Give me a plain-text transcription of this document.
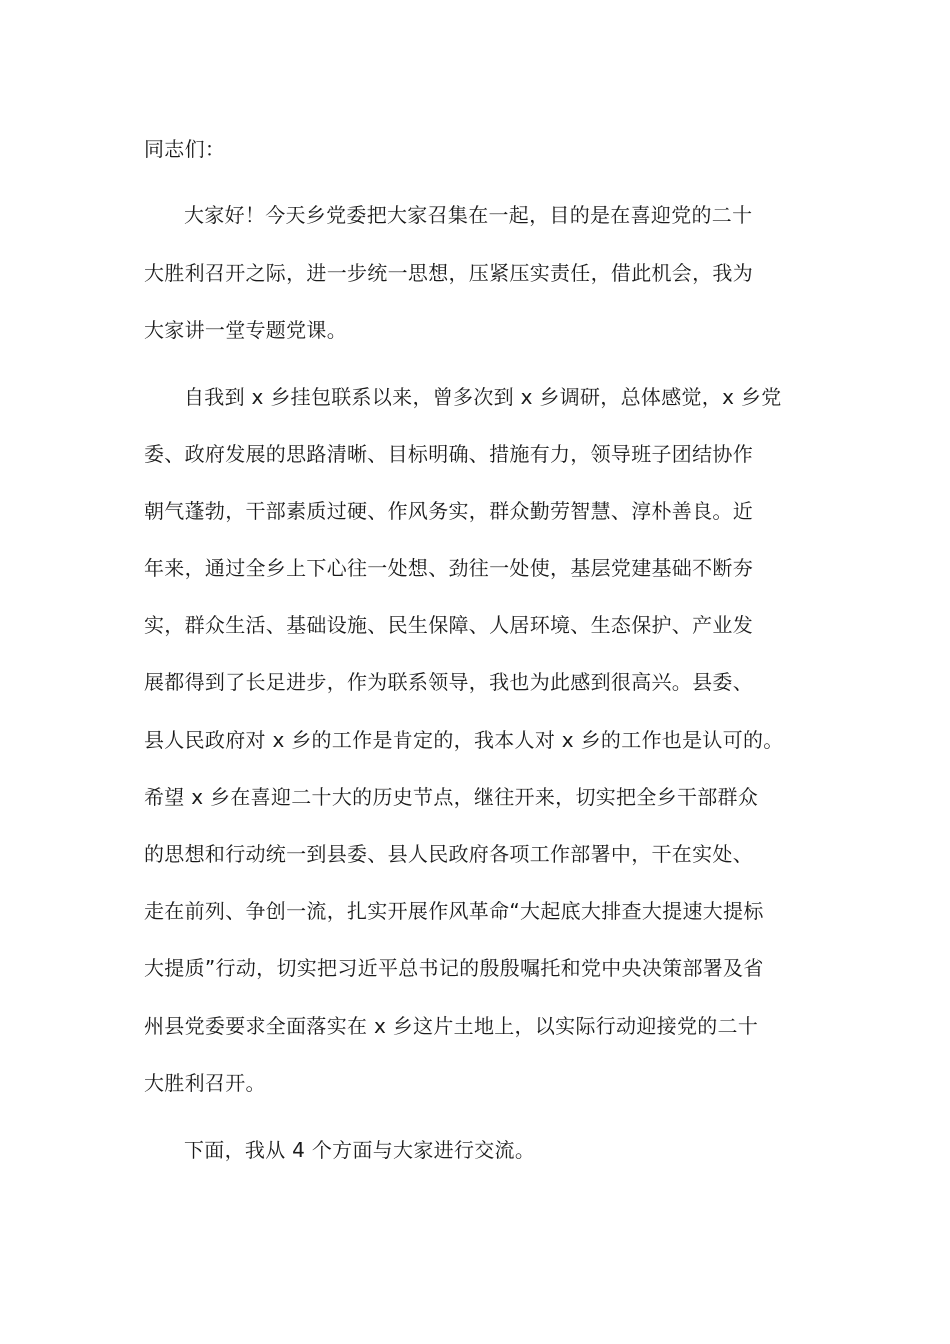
同志们：
大家好！今天乡党委把大家召集在一起，目的是在喜迎党的二十
大胜利召开之际，进一步统一思想，压紧压实责任，借此机会，我为
大家讲一堂专题党课。
自我到 x 乡挂包联系以来，曾多次到 x 乡调研，总体感觉，x 乡党
委、政府发展的思路清晰、目标明确、措施有力，领导班子团结协作
朝气蓬勃，干部素质过硬、作风务实，群众勤劳智慧、淳朴善良。近
年来，通过全乡上下心往一处想、劲往一处使，基层党建基础不断夯
实，群众生活、基础设施、民生保障、人居环境、生态保护、产业发
展都得到了长足进步，作为联系领导，我也为此感到很高兴。县委、
县人民政府对 x 乡的工作是肯定的，我本人对 x 乡的工作也是认可的。
希望 x 乡在喜迎二十大的历史节点，继往开来，切实把全乡干部群众
的思想和行动统一到县委、县人民政府各项工作部署中，干在实处、
走在前列、争创一流，扎实开展作风革命“大起底大排查大提速大提标
大提质”行动，切实把习近平总书记的殷殷嘱托和党中央决策部署及省
州县党委要求全面落实在 x 乡这片土地上，以实际行动迎接党的二十
大胜利召开。
下面，我从 4 个方面与大家进行交流。
